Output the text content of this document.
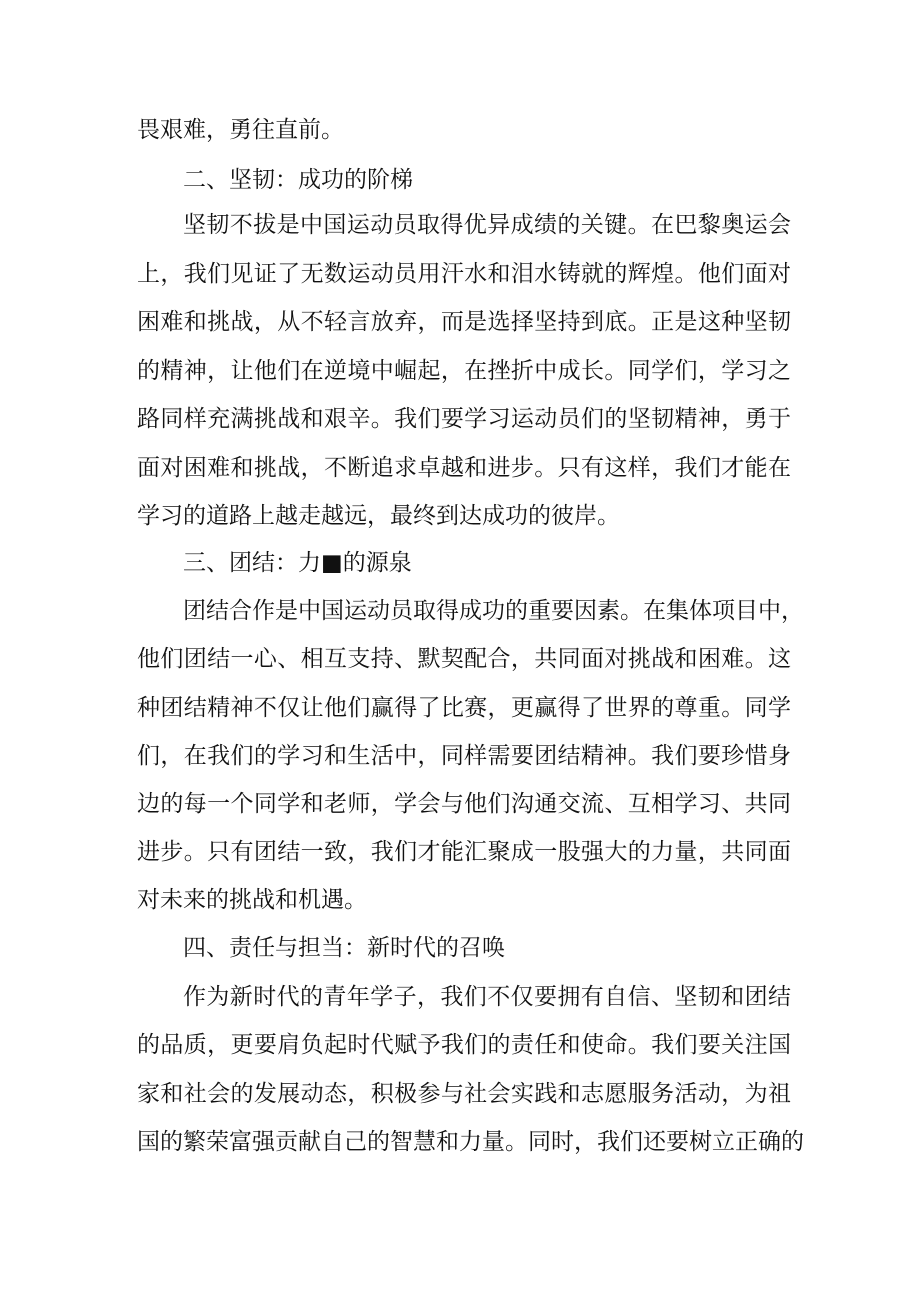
畏艰难，勇往直前。
二、坚韧：成功的阶梯
坚韧不拔是中国运动员取得优异成绩的关键。在巴黎奥运会
上，我们见证了无数运动员用汗水和泪水铸就的辉煌。他们面对
困难和挑战，从不轻言放弃，而是选择坚持到底。正是这种坚韧
的精神，让他们在逆境中崛起，在挫折中成长。同学们，学习之
路同样充满挑战和艰辛。我们要学习运动员们的坚韧精神，勇于
面对困难和挑战，不断追求卓越和进步。只有这样，我们才能在
学习的道路上越走越远，最终到达成功的彼岸。
三、团结：力■的源泉
团结合作是中国运动员取得成功的重要因素。在集体项目中，
他们团结一心、相互支持、默契配合，共同面对挑战和困难。这
种团结精神不仅让他们赢得了比赛，更赢得了世界的尊重。同学
们，在我们的学习和生活中，同样需要团结精神。我们要珍惜身
边的每一个同学和老师，学会与他们沟通交流、互相学习、共同
进步。只有团结一致，我们才能汇聚成一股强大的力量，共同面
对未来的挑战和机遇。
四、责任与担当：新时代的召唤
作为新时代的青年学子，我们不仅要拥有自信、坚韧和团结
的品质，更要肩负起时代赋予我们的责任和使命。我们要关注国
家和社会的发展动态，积极参与社会实践和志愿服务活动，为祖
国的繁荣富强贡献自己的智慧和力量。同时，我们还要树立正确的
